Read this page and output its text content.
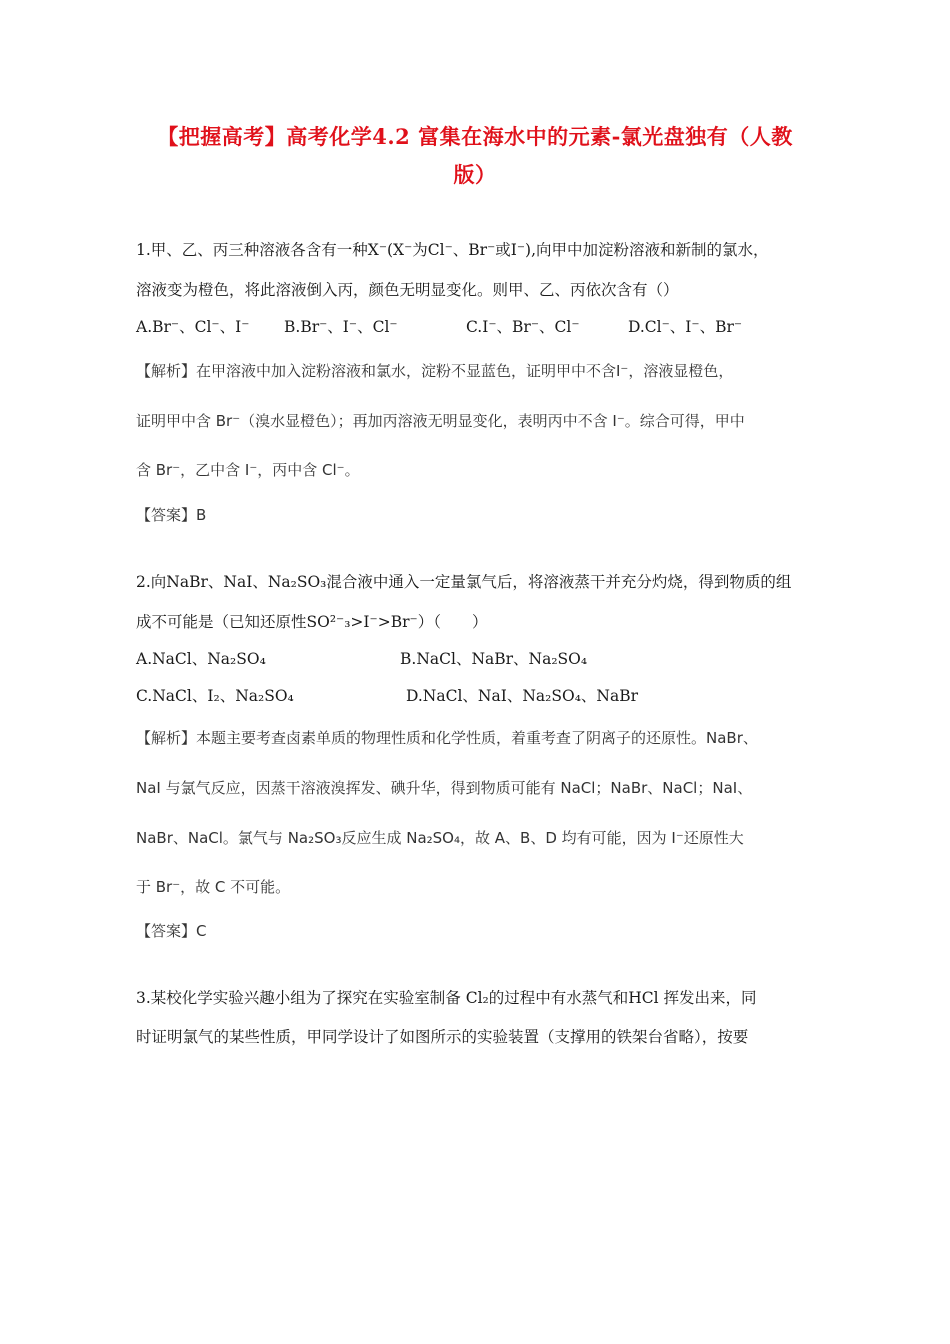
【把握高考】高考化学4.2 富集在海水中的元素-氯光盘独有（人教
版）
1.甲、乙、丙三种溶液各含有一种X⁻(X⁻为Cl⁻、Br⁻或I⁻),向甲中加淀粉溶液和新制的氯水，
溶液变为橙色，将此溶液倒入丙，颜色无明显变化。则甲、乙、丙依次含有（）
A.Br⁻、Cl⁻、I⁻ B.Br⁻、I⁻、Cl⁻	C.I⁻、Br⁻、Cl⁻	D.Cl⁻、I⁻、Br⁻
【解析】在甲溶液中加入淀粉溶液和氯水，淀粉不显蓝色，证明甲中不含I⁻，溶液显橙色，
证明甲中含 Br⁻（溴水显橙色）；再加丙溶液无明显变化，表明丙中不含 I⁻。综合可得，甲中
含 Br⁻，乙中含 I⁻，丙中含 Cl⁻。
【答案】B
2.向NaBr、NaI、Na₂SO₃混合液中通入一定量氯气后，将溶液蒸干并充分灼烧，得到物质的组
成不可能是（已知还原性SO²⁻₃>I⁻>Br⁻）（　　）
A.NaCl、Na₂SO₄	B.NaCl、NaBr、Na₂SO₄
C.NaCl、I₂、Na₂SO₄	D.NaCl、NaI、Na₂SO₄、NaBr
【解析】本题主要考查卤素单质的物理性质和化学性质，着重考查了阴离子的还原性。NaBr、
NaI 与氯气反应，因蒸干溶液溴挥发、碘升华，得到物质可能有 NaCl；NaBr、NaCl；NaI、
NaBr、NaCl。氯气与 Na₂SO₃反应生成 Na₂SO₄，故 A、B、D 均有可能，因为 I⁻还原性大
于 Br⁻，故 C 不可能。
【答案】C
3.某校化学实验兴趣小组为了探究在实验室制备 Cl₂的过程中有水蒸气和HCl 挥发出来，同
时证明氯气的某些性质，甲同学设计了如图所示的实验装置（支撑用的铁架台省略），按要
